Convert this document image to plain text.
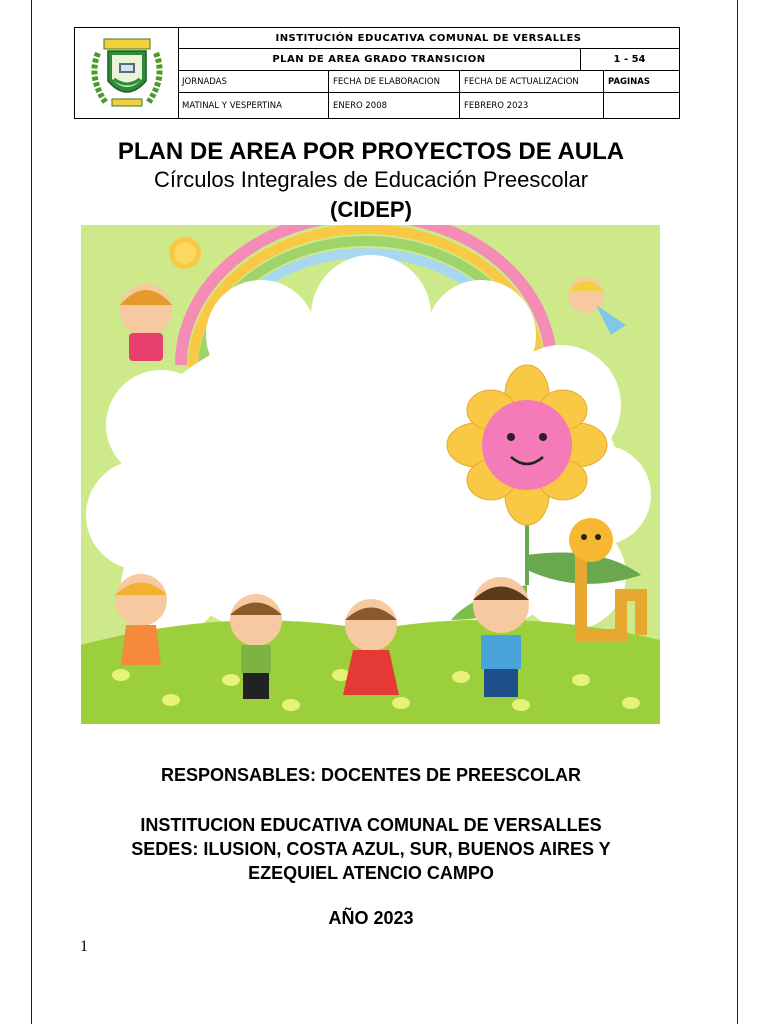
INSTITUCIÓN EDUCATIVA COMUNAL DE VERSALLES
PLAN DE AREA GRADO TRANSICION	1 - 54
JORNADAS	FECHA DE ELABORACION	FECHA DE ACTUALIZACION	PAGINAS
MATINAL Y VESPERTINA	ENERO 2008	FEBRERO 2023
PLAN DE AREA POR PROYECTOS DE AULA
Círculos Integrales de Educación Preescolar
(CIDEP)
RESPONSABLES: DOCENTES DE PREESCOLAR
INSTITUCION EDUCATIVA COMUNAL DE VERSALLES
SEDES: ILUSION, COSTA AZUL, SUR, BUENOS AIRES Y
EZEQUIEL ATENCIO CAMPO
AÑO 2023
1
